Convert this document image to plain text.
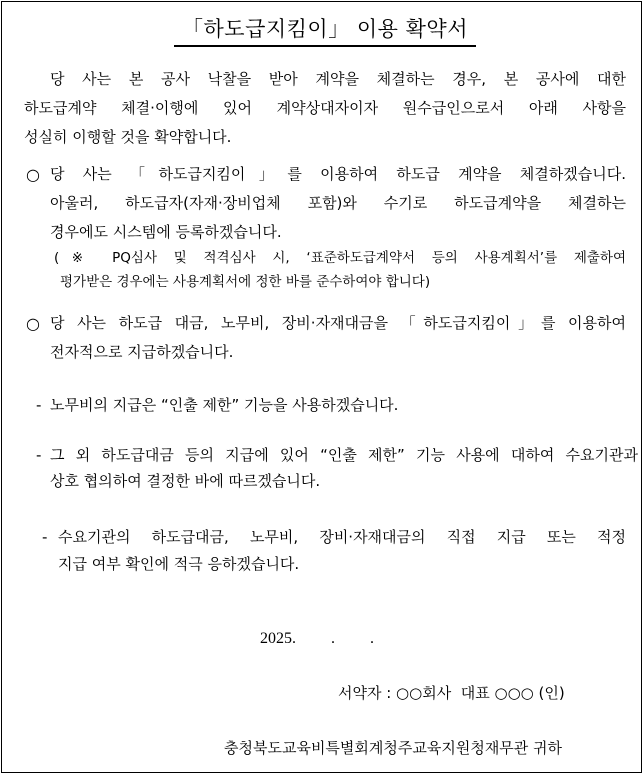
「하도급지킴이」 이용 확약서
당 사는 본 공사 낙찰을 받아 계약을 체결하는 경우, 본 공사에 대한
하도급계약 체결·이행에 있어 계약상대자이자 원수급인으로서 아래 사항을
성실히 이행할 것을 확약합니다.
○ 당 사는 「하도급지킴이」를 이용하여 하도급 계약을 체결하겠습니다.
아울러, 하도급자(자재·장비업체 포함)와 수기로 하도급계약을 체결하는
경우에도 시스템에 등록하겠습니다.
(※ PQ심사 및 적격심사 시, ‘표준하도급계약서 등의 사용계획서’를 제출하여
평가받은 경우에는 사용계획서에 정한 바를 준수하여야 합니다)
○ 당 사는 하도급 대금, 노무비, 장비·자재대금을 「하도급지킴이」를 이용하여
전자적으로 지급하겠습니다.
- 노무비의 지급은 “인출 제한” 기능을 사용하겠습니다.
- 그 외 하도급대금 등의 지급에 있어 “인출 제한” 기능 사용에 대하여 수요기관과
상호 협의하여 결정한 바에 따르겠습니다.
- 수요기관의 하도급대금, 노무비, 장비·자재대금의 직접 지급 또는 적정
지급 여부 확인에 적극 응하겠습니다.
2025. . .
서약자 : ○○회사  대표 ○○○ (인)
충청북도교육비특별회계청주교육지원청재무관 귀하
